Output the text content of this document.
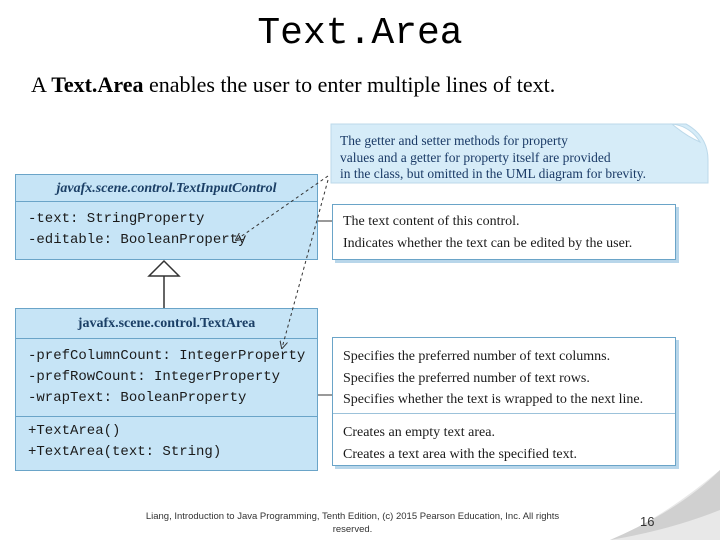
Text.Area
A Text.Area enables the user to enter multiple lines of text.
The getter and setter methods for property
values and a getter for property itself are provided
in the class, but omitted in the UML diagram for brevity.
javafx.scene.control.TextInputControl
-text: StringProperty
-editable: BooleanProperty
The text content of this control.
Indicates whether the text can be edited by the user.
javafx.scene.control.TextArea
-prefColumnCount: IntegerProperty
-prefRowCount: IntegerProperty
-wrapText: BooleanProperty
+TextArea()
+TextArea(text: String)
Specifies the preferred number of text columns.
Specifies the preferred number of text rows.
Specifies whether the text is wrapped to the next line.
Creates an empty text area.
Creates a text area with the specified text.
Liang, Introduction to Java Programming, Tenth Edition, (c) 2015 Pearson Education, Inc. All rights reserved.
16
